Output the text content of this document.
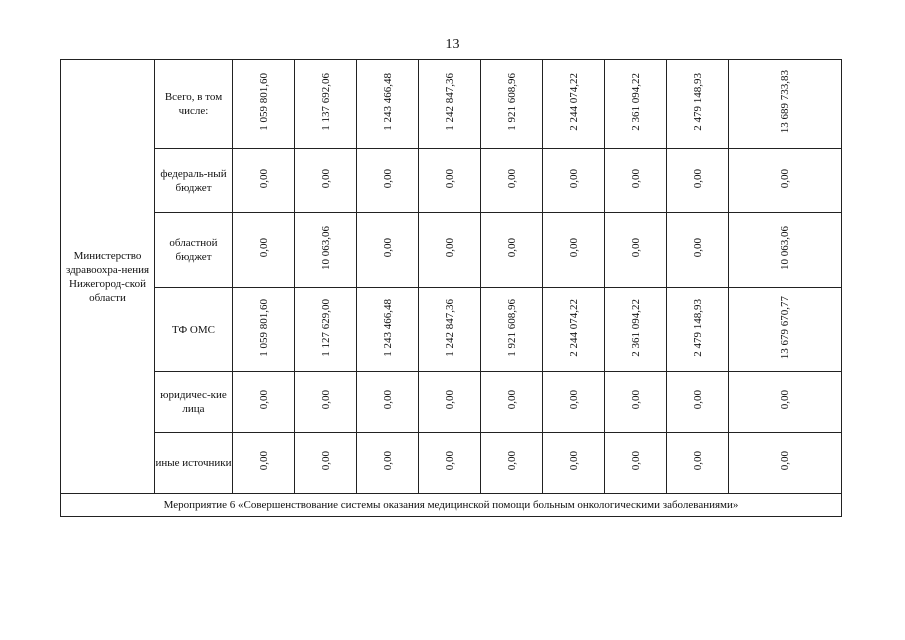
13
Министерство здравоохра-нения Нижегород-ской области	Всего, в том числе:	1 059 801,60	1 137 692,06	1 243 466,48	1 242 847,36	1 921 608,96	2 244 074,22	2 361 094,22	2 479 148,93	13 689 733,83
	федераль-ный бюджет	0,00	0,00	0,00	0,00	0,00	0,00	0,00	0,00	0,00
	областной бюджет	0,00	10 063,06	0,00	0,00	0,00	0,00	0,00	0,00	10 063,06
	ТФ ОМС	1 059 801,60	1 127 629,00	1 243 466,48	1 242 847,36	1 921 608,96	2 244 074,22	2 361 094,22	2 479 148,93	13 679 670,77
	юридичес-кие лица	0,00	0,00	0,00	0,00	0,00	0,00	0,00	0,00	0,00
	иные источники	0,00	0,00	0,00	0,00	0,00	0,00	0,00	0,00	0,00
Мероприятие 6 «Совершенствование системы оказания медицинской помощи больным онкологическими заболеваниями»										
